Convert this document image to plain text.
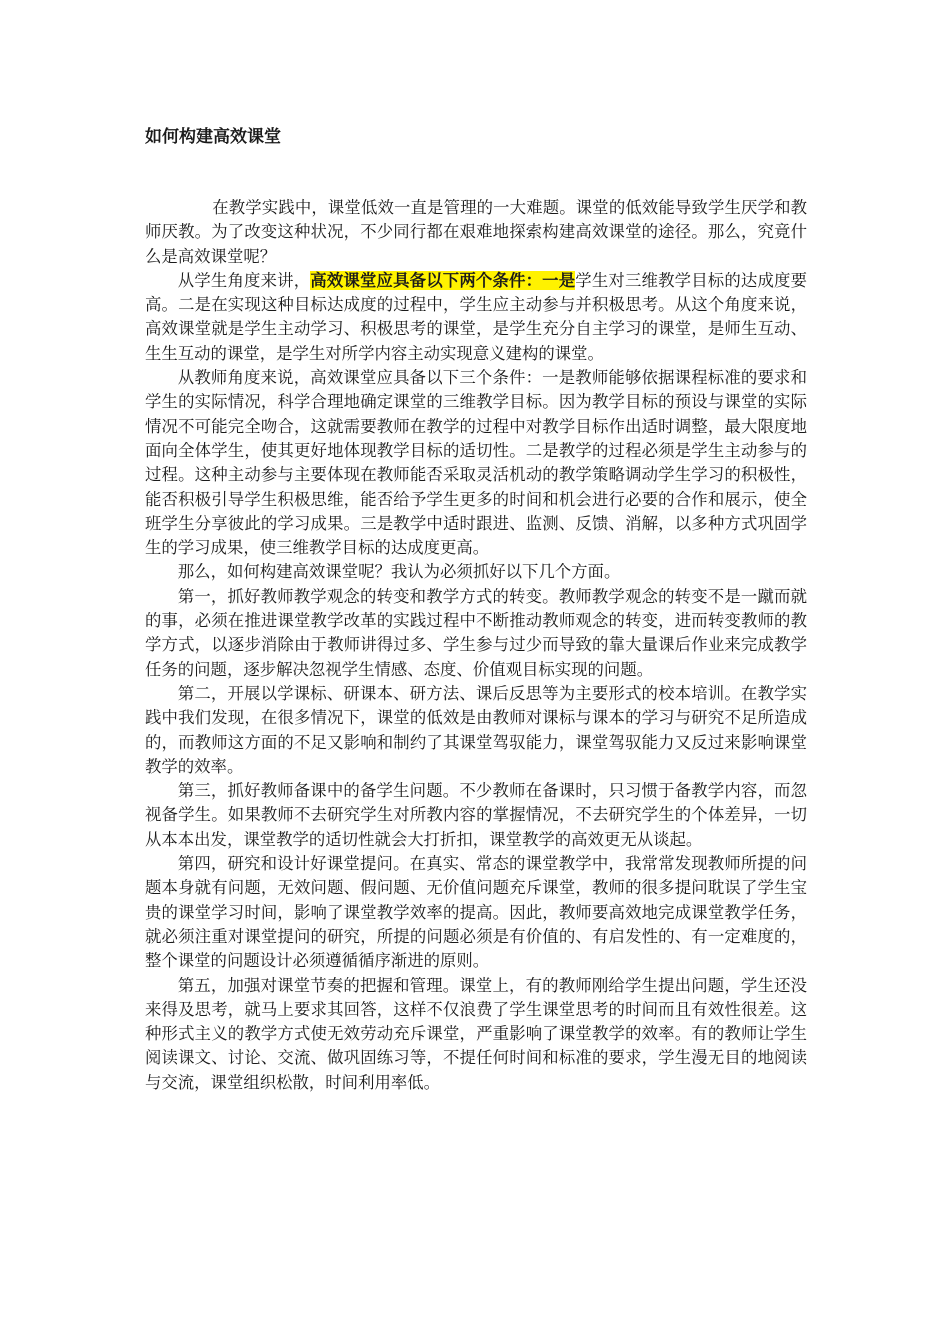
如何构建高效课堂

在教学实践中，课堂低效一直是管理的一大难题。课堂的低效能导致学生厌学和教师厌教。为了改变这种状况，不少同行都在艰难地探索构建高效课堂的途径。那么，究竟什么是高效课堂呢？

从学生角度来讲，高效课堂应具备以下两个条件：一是学生对三维教学目标的达成度要高。二是在实现这种目标达成度的过程中，学生应主动参与并积极思考。从这个角度来说，高效课堂就是学生主动学习、积极思考的课堂，是学生充分自主学习的课堂，是师生互动、生生互动的课堂，是学生对所学内容主动实现意义建构的课堂。

从教师角度来说，高效课堂应具备以下三个条件：一是教师能够依据课程标准的要求和学生的实际情况，科学合理地确定课堂的三维教学目标。因为教学目标的预设与课堂的实际情况不可能完全吻合，这就需要教师在教学的过程中对教学目标作出适时调整，最大限度地面向全体学生，使其更好地体现教学目标的适切性。二是教学的过程必须是学生主动参与的过程。这种主动参与主要体现在教师能否采取灵活机动的教学策略调动学生学习的积极性，能否积极引导学生积极思维，能否给予学生更多的时间和机会进行必要的合作和展示，使全班学生分享彼此的学习成果。三是教学中适时跟进、监测、反馈、消解，以多种方式巩固学生的学习成果，使三维教学目标的达成度更高。

那么，如何构建高效课堂呢？我认为必须抓好以下几个方面。

第一，抓好教师教学观念的转变和教学方式的转变。教师教学观念的转变不是一蹴而就的事，必须在推进课堂教学改革的实践过程中不断推动教师观念的转变，进而转变教师的教学方式，以逐步消除由于教师讲得过多、学生参与过少而导致的靠大量课后作业来完成教学任务的问题，逐步解决忽视学生情感、态度、价值观目标实现的问题。

第二，开展以学课标、研课本、研方法、课后反思等为主要形式的校本培训。在教学实践中我们发现，在很多情况下，课堂的低效是由教师对课标与课本的学习与研究不足所造成的，而教师这方面的不足又影响和制约了其课堂驾驭能力，课堂驾驭能力又反过来影响课堂教学的效率。

第三，抓好教师备课中的备学生问题。不少教师在备课时，只习惯于备教学内容，而忽视备学生。如果教师不去研究学生对所教内容的掌握情况，不去研究学生的个体差异，一切从本本出发，课堂教学的适切性就会大打折扣，课堂教学的高效更无从谈起。

第四，研究和设计好课堂提问。在真实、常态的课堂教学中，我常常发现教师所提的问题本身就有问题，无效问题、假问题、无价值问题充斥课堂，教师的很多提问耽误了学生宝贵的课堂学习时间，影响了课堂教学效率的提高。因此，教师要高效地完成课堂教学任务，就必须注重对课堂提问的研究，所提的问题必须是有价值的、有启发性的、有一定难度的，整个课堂的问题设计必须遵循循序渐进的原则。

第五，加强对课堂节奏的把握和管理。课堂上，有的教师刚给学生提出问题，学生还没来得及思考，就马上要求其回答，这样不仅浪费了学生课堂思考的时间而且有效性很差。这种形式主义的教学方式使无效劳动充斥课堂，严重影响了课堂教学的效率。有的教师让学生阅读课文、讨论、交流、做巩固练习等，不提任何时间和标准的要求，学生漫无目的地阅读与交流，课堂组织松散，时间利用率低。
